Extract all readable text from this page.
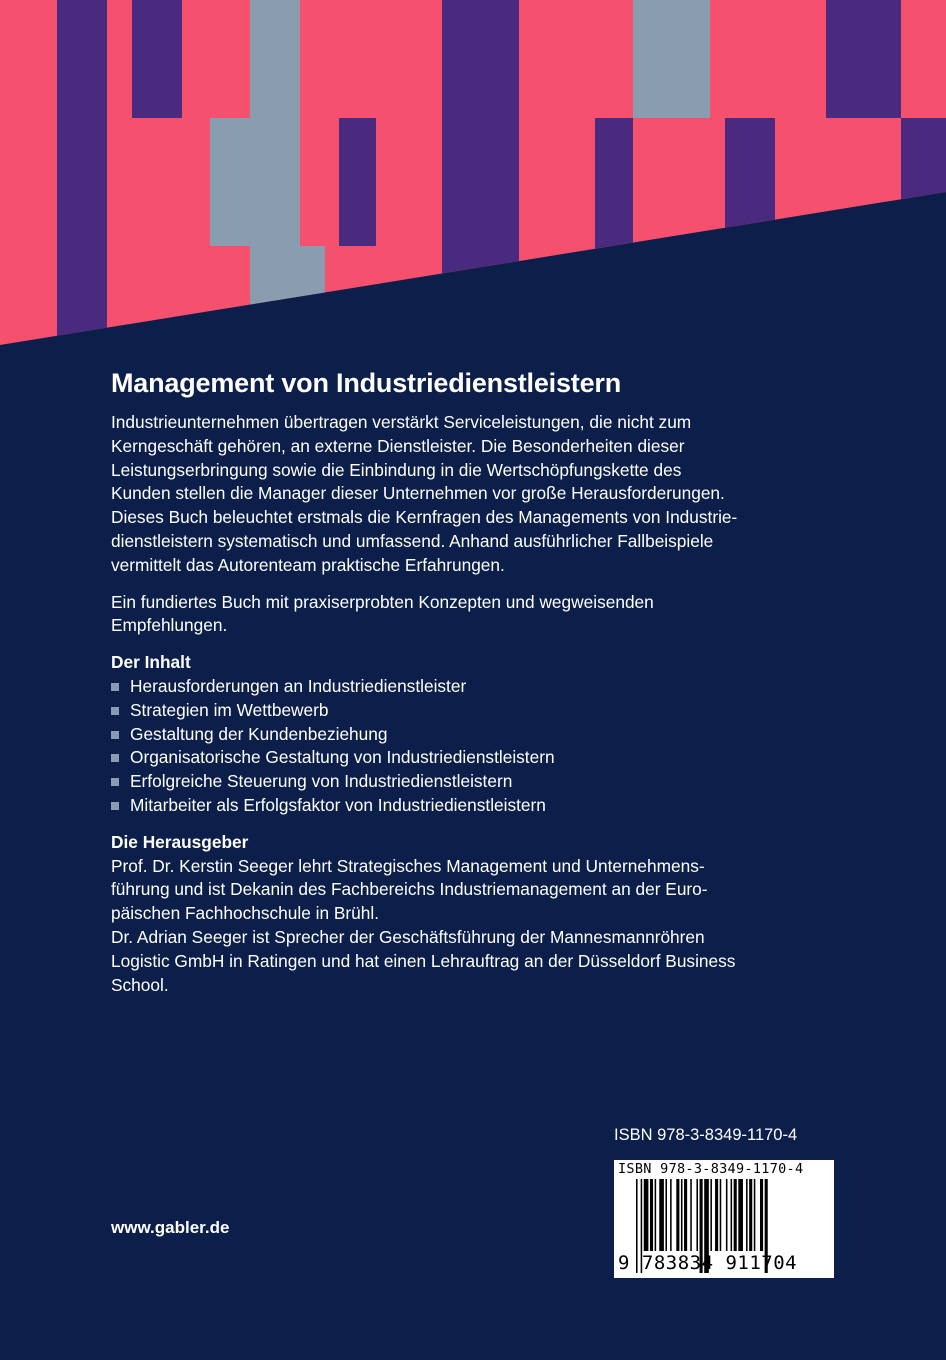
Management von Industriedienstleistern

Industrieunternehmen übertragen verstärkt Serviceleistungen, die nicht zum
Kerngeschäft gehören, an externe Dienstleister. Die Besonderheiten dieser
Leistungserbringung sowie die Einbindung in die Wertschöpfungskette des
Kunden stellen die Manager dieser Unternehmen vor große Herausforderungen.
Dieses Buch beleuchtet erstmals die Kernfragen des Managements von Industrie-
dienstleistern systematisch und umfassend. Anhand ausführlicher Fallbeispiele
vermittelt das Autorenteam praktische Erfahrungen.

Ein fundiertes Buch mit praxiserprobten Konzepten und wegweisenden
Empfehlungen.

Der Inhalt
Herausforderungen an Industriedienstleister
Strategien im Wettbewerb
Gestaltung der Kundenbeziehung
Organisatorische Gestaltung von Industriedienstleistern
Erfolgreiche Steuerung von Industriedienstleistern
Mitarbeiter als Erfolgsfaktor von Industriedienstleistern
Die Herausgeber

Prof. Dr. Kerstin Seeger lehrt Strategisches Management und Unternehmens-
führung und ist Dekanin des Fachbereichs Industriemanagement an der Euro-
päischen Fachhochschule in Brühl.
Dr. Adrian Seeger ist Sprecher der Geschäftsführung der Mannesmannröhren
Logistic GmbH in Ratingen und hat einen Lehrauftrag an der Düsseldorf Business
School.

ISBN 978-3-8349-1170-4
ISBN 978-3-8349-1170-4
9 783834 911704
www.gabler.de
